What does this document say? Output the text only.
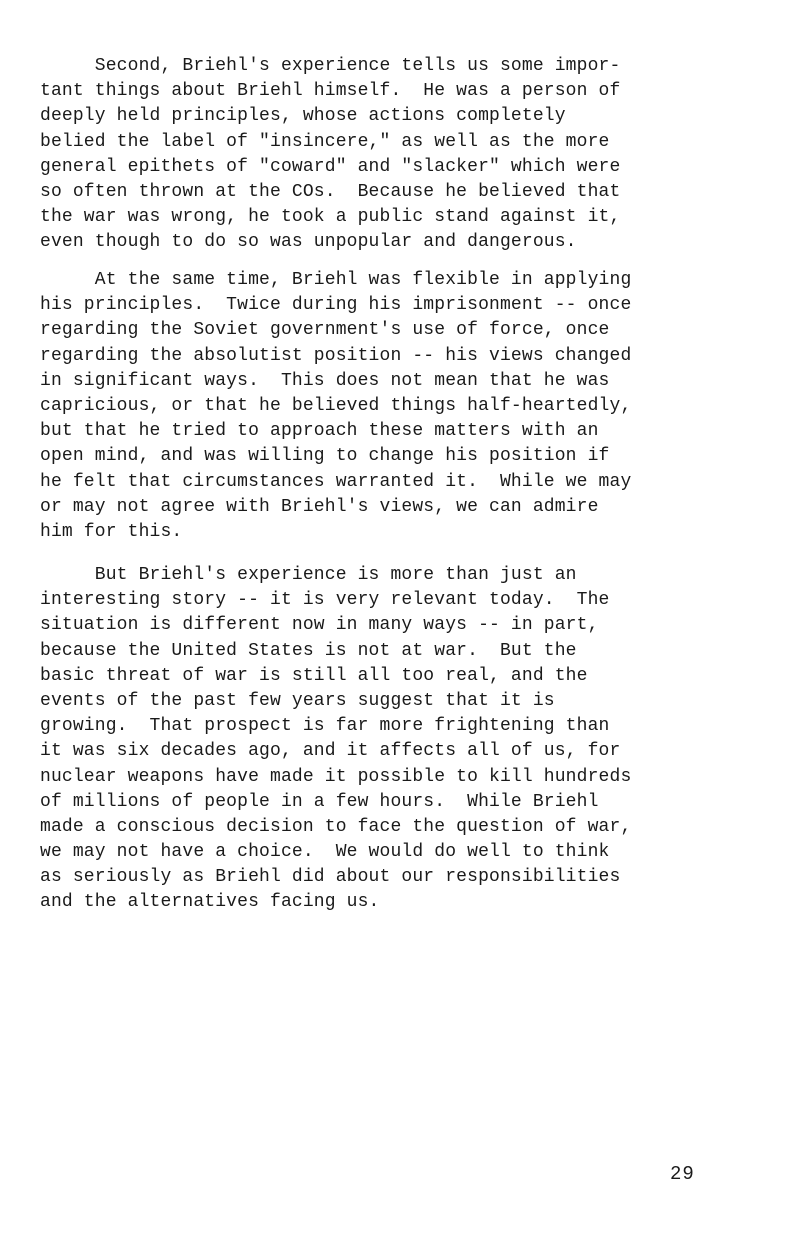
Second, Briehl's experience tells us some impor-
tant things about Briehl himself.  He was a person of
deeply held principles, whose actions completely
belied the label of "insincere," as well as the more
general epithets of "coward" and "slacker" which were
so often thrown at the COs.  Because he believed that
the war was wrong, he took a public stand against it,
even though to do so was unpopular and dangerous.
At the same time, Briehl was flexible in applying
his principles.  Twice during his imprisonment -- once
regarding the Soviet government's use of force, once
regarding the absolutist position -- his views changed
in significant ways.  This does not mean that he was
capricious, or that he believed things half-heartedly,
but that he tried to approach these matters with an
open mind, and was willing to change his position if
he felt that circumstances warranted it.  While we may
or may not agree with Briehl's views, we can admire
him for this.
But Briehl's experience is more than just an
interesting story -- it is very relevant today.  The
situation is different now in many ways -- in part,
because the United States is not at war.  But the
basic threat of war is still all too real, and the
events of the past few years suggest that it is
growing.  That prospect is far more frightening than
it was six decades ago, and it affects all of us, for
nuclear weapons have made it possible to kill hundreds
of millions of people in a few hours.  While Briehl
made a conscious decision to face the question of war,
we may not have a choice.  We would do well to think
as seriously as Briehl did about our responsibilities
and the alternatives facing us.
29
